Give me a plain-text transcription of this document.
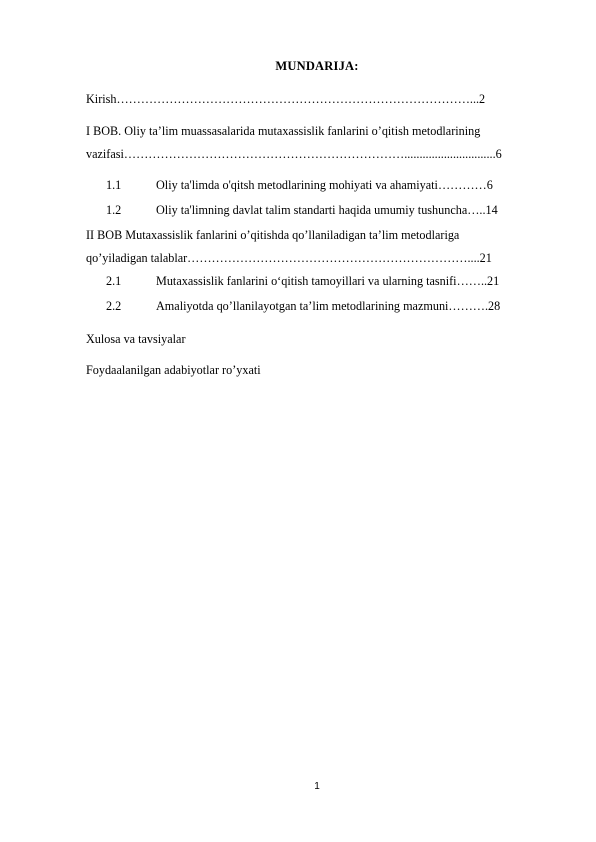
MUNDARIJA:
Kirish……………………………………………………………………………...2
I BOB. Oliy ta’lim muassasalarida mutaxassislik fanlarini o’qitish metodlarining
vazifasi……………………………………………………………..............................6
1.1	Oliy ta'limda o'qitsh metodlarining mohiyati va ahamiyati…………6
1.2	Oliy ta'limning davlat talim standarti haqida umumiy tushuncha…..14
II BOB Mutaxassislik fanlarini o’qitishda qo’llaniladigan ta’lim metodlariga
qo’yiladigan talablar……………………………………………………………....21
2.1	Mutaxassislik fanlarini o‘qitish tamoyillari va ularning tasnifi……..21
2.2	Amaliyotda qo’llanilayotgan ta’lim metodlarining mazmuni……….28
Xulosa va tavsiyalar
Foydaalanilgan adabiyotlar ro’yxati
1
